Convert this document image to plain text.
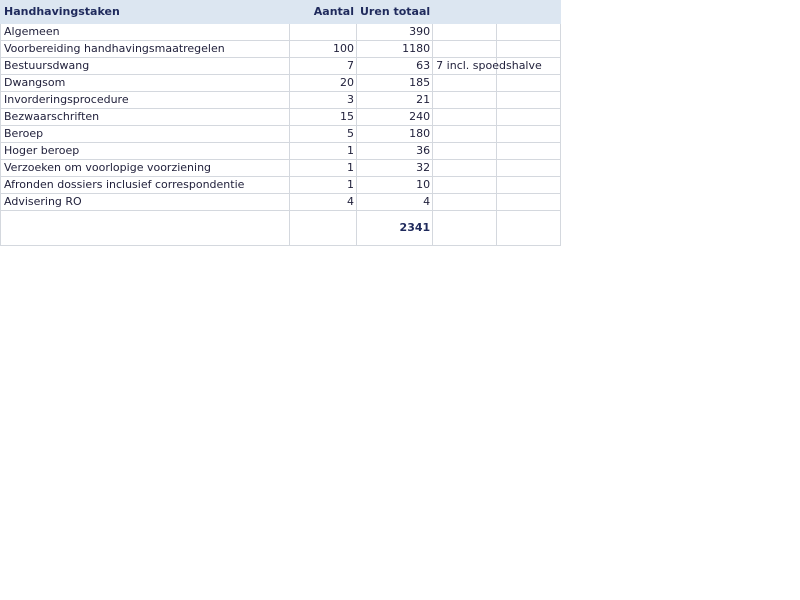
Handhavingstaken	Aantal	Uren totaal		
Algemeen		390	

Voorbereiding handhavingsmaatregelen	100	1180	

Bestuursdwang	7	63	7 incl. spoedshalve	

Dwangsom	20	185	

Invorderingsprocedure	3	21	

Bezwaarschriften	15	240	

Beroep	5	180	

Hoger beroep	1	36	

Verzoeken om voorlopige voorziening	1	32	

Afronden dossiers inclusief correspondentie	1	10	

Advisering RO	4	4	

		2341		
